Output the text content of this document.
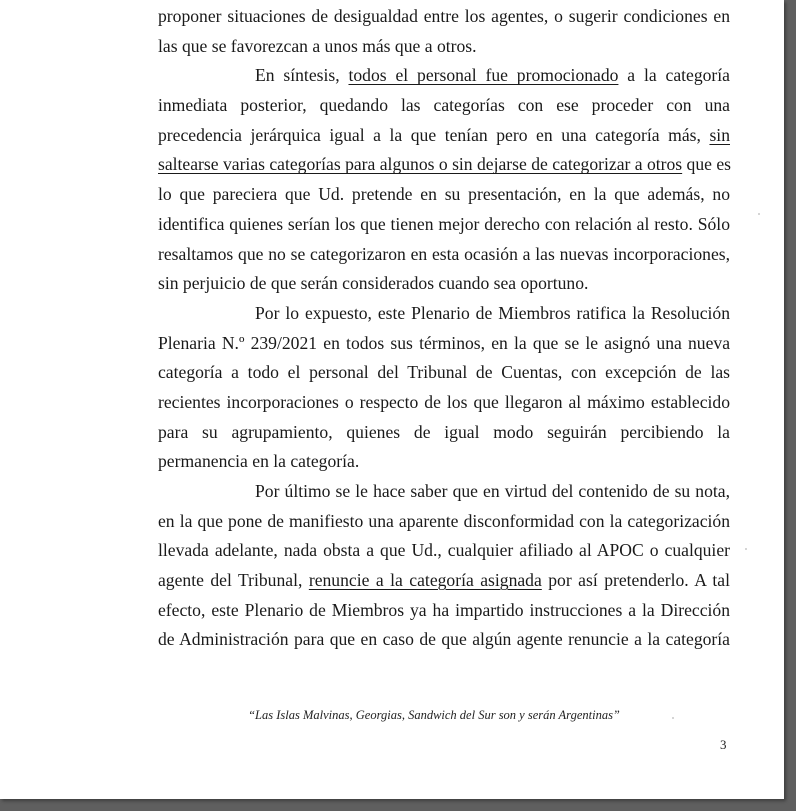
proponer situaciones de desigualdad entre los agentes, o sugerir condiciones en
las que se favorezcan a unos más que a otros.
En síntesis, todos el personal fue promocionado a la categoría
inmediata posterior, quedando las categorías con ese proceder con una
precedencia jerárquica igual a la que tenían pero en una categoría más, sin
saltearse varias categorías para algunos o sin dejarse de categorizar a otros que es
lo que pareciera que Ud. pretende en su presentación, en la que además, no
identifica quienes serían los que tienen mejor derecho con relación al resto. Sólo
resaltamos que no se categorizaron en esta ocasión a las nuevas incorporaciones,
sin perjuicio de que serán considerados cuando sea oportuno.
Por lo expuesto, este Plenario de Miembros ratifica la Resolución
Plenaria N.º 239/2021 en todos sus términos, en la que se le asignó una nueva
categoría a todo el personal del Tribunal de Cuentas, con excepción de las
recientes incorporaciones o respecto de los que llegaron al máximo establecido
para su agrupamiento, quienes de igual modo seguirán percibiendo la
permanencia en la categoría.
Por último se le hace saber que en virtud del contenido de su nota,
en la que pone de manifiesto una aparente disconformidad con la categorización
llevada adelante, nada obsta a que Ud., cualquier afiliado al APOC o cualquier
agente del Tribunal, renuncie a la categoría asignada por así pretenderlo. A tal
efecto, este Plenario de Miembros ya ha impartido instrucciones a la Dirección
de Administración para que en caso de que algún agente renuncie a la categoría
“Las Islas Malvinas, Georgias, Sandwich del Sur son y serán Argentinas”
3
